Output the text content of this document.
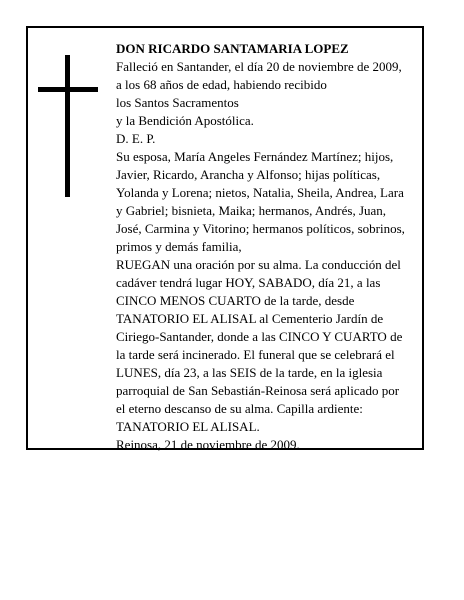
DON RICARDO SANTAMARIA LOPEZ
Falleció en Santander, el día 20 de noviembre de 2009,
a los 68 años de edad, habiendo recibido
los Santos Sacramentos
y la Bendición Apostólica.
D. E. P.
Su esposa, María Angeles Fernández Martínez; hijos,
Javier, Ricardo, Arancha y Alfonso; hijas políticas,
Yolanda y Lorena; nietos, Natalia, Sheila, Andrea, Lara
y Gabriel; bisnieta, Maika; hermanos, Andrés, Juan,
José, Carmina y Vitorino; hermanos políticos, sobrinos,
primos y demás familia,
RUEGAN una oración por su alma. La conducción del
cadáver tendrá lugar HOY, SABADO, día 21, a las
CINCO MENOS CUARTO de la tarde, desde
TANATORIO EL ALISAL al Cementerio Jardín de
Ciriego-Santander, donde a las CINCO Y CUARTO de
la tarde será incinerado. El funeral que se celebrará el
LUNES, día 23, a las SEIS de la tarde, en la iglesia
parroquial de San Sebastián-Reinosa será aplicado por
el eterno descanso de su alma. Capilla ardiente:
TANATORIO EL ALISAL.
Reinosa, 21 de noviembre de 2009.
